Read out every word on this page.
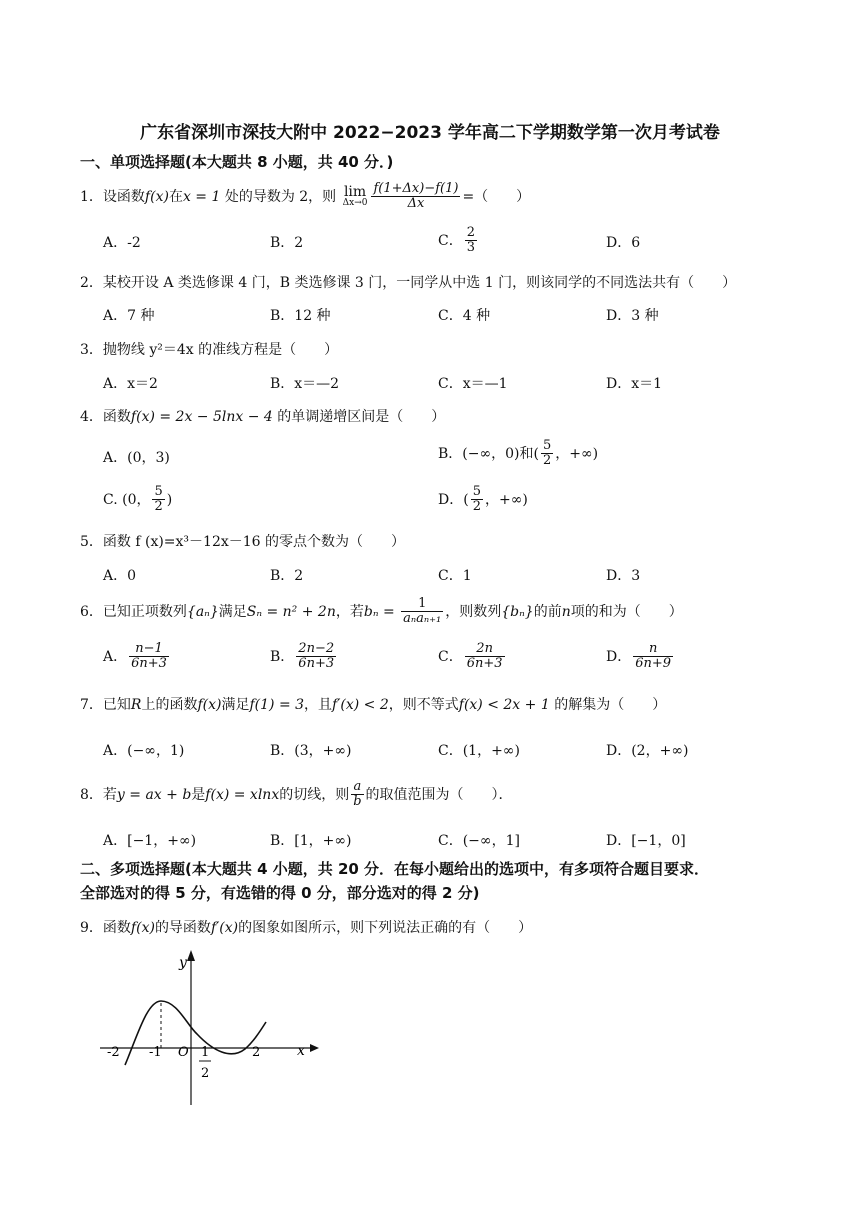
广东省深圳市深技大附中 2022−2023 学年高二下学期数学第一次月考试卷
一、单项选择题(本大题共 8 小题，共 40 分．)
1．设函数f(x)在x = 1 处的导数为 2，则 lim
$\Delta x\to 0 \frac{f(1+\Delta x)-f(1)}{\Delta x}$ =（　　）
A．-2	B．2	C． $\frac{2}{3}$	D．6
2．某校开设 A 类选修课 4 门，B 类选修课 3 门，一同学从中选 1 门，则该同学的不同选法共有（　　）
A．7 种	B．12 种	C．4 种	D．3 种
3．抛物线 y²＝4x 的准线方程是（　　）
A．x＝2	B．x＝—2	C．x＝—1	D．x＝1
4．函数f(x) = 2x − 5lnx − 4 的单调递增区间是（　　）
A．(0，3)	B．(−∞，0)和( $\frac{5}{2}$ ，+∞)
C. (0， $\frac{5}{2}$ )	D．( $\frac{5}{2}$ ，+∞)
5．函数 f (x)=x³－12x－16 的零点个数为（　　）
A．0	B．2	C．1	D．3
6．已知正项数列{aₙ}满足Sₙ = n² + 2n，若$b_n = \frac{1}{\text{aₙaₙ₊₁}}$ ，则数列{bₙ}的前n项的和为（　　）
A． $\frac{n-1}{6n+3}$	B． $\frac{2n-2}{6n+3}$	C． $\frac{2n}{6n+3}$	D． $\frac{n}{6n+9}$
7．已知R上的函数f(x)满足f(1) = 3，且f′(x) < 2，则不等式f(x) < 2x + 1 的解集为（　　）
A．(−∞，1)	B．(3，+∞)	C．(1，+∞)	D．(2，+∞)
8．若y = ax + b是f(x) = xlnx的切线，则 $\frac{a}{b}$ 的取值范围为（　　）．
A．[−1，+∞)	B．[1，+∞)	C．(−∞，1]	D．[−1，0]
二、多项选择题(本大题共 4 小题，共 20 分．在每小题给出的选项中，有多项符合题目要求．
全部选对的得 5 分，有选错的得 0 分，部分选对的得 2 分)
9．函数f(x)的导函数f′(x)的图象如图所示，则下列说法正确的有（　　）
y
x
O
-2 -1	1
2
2
